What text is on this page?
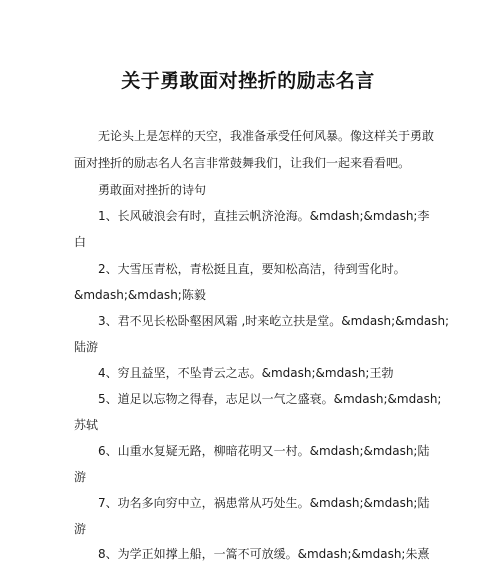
关于勇敢面对挫折的励志名言
无论头上是怎样的天空，我准备承受任何风暴。像这样关于勇敢
面对挫折的励志名人名言非常鼓舞我们，让我们一起来看看吧。
勇敢面对挫折的诗句
1、长风破浪会有时，直挂云帆济沧海。&mdash;&mdash;李
白
2、大雪压青松，青松挺且直，要知松高洁，待到雪化时。
&mdash;&mdash;陈毅
3、君不见长松卧壑困风霜 ,时来屹立扶是堂。&mdash;&mdash;
陆游
4、穷且益坚，不坠青云之志。&mdash;&mdash;王勃
5、道足以忘物之得春，志足以一气之盛衰。&mdash;&mdash;
苏轼
6、山重水复疑无路，柳暗花明又一村。&mdash;&mdash;陆
游
7、功名多向穷中立，祸患常从巧处生。&mdash;&mdash;陆
游
8、为学正如撑上船，一篙不可放缓。&mdash;&mdash;朱熹
